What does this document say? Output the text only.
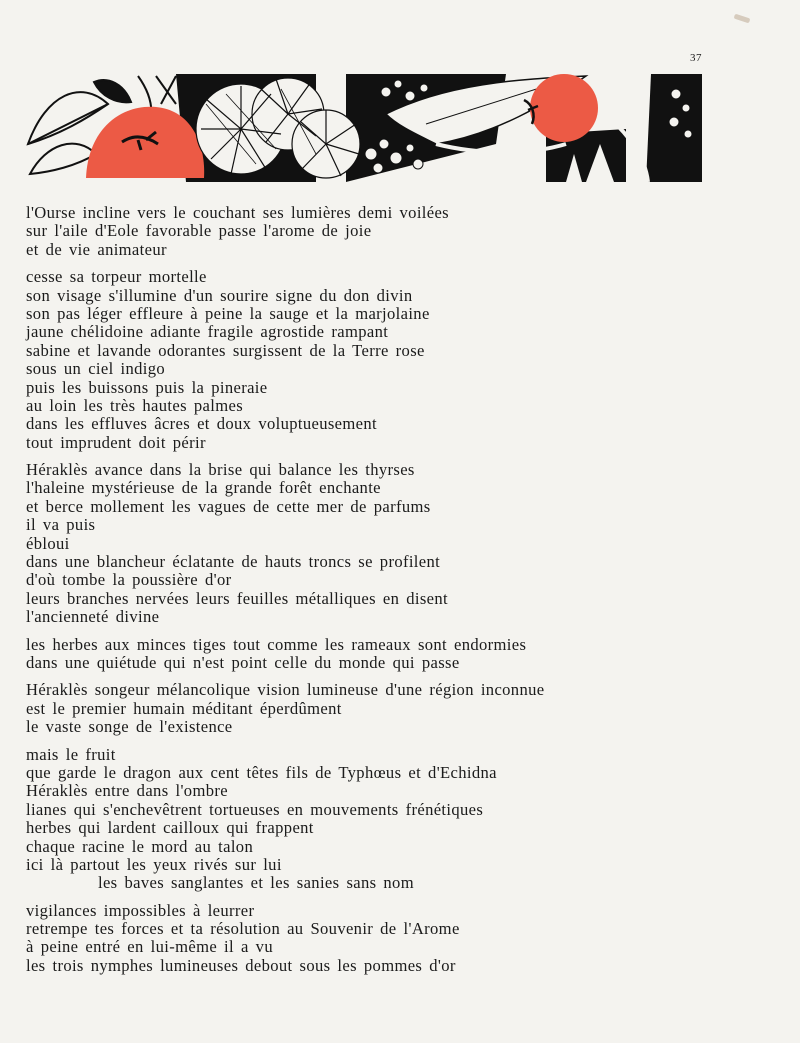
37
l'Ourse incline vers le couchant ses lumières demi voilées
sur l'aile d'Eole favorable passe l'arome de joie
et de vie animateur
cesse sa torpeur mortelle
son visage s'illumine d'un sourire signe du don divin
son pas léger effleure à peine la sauge et la marjolaine
jaune chélidoine adiante fragile agrostide rampant
sabine et lavande odorantes surgissent de la Terre rose
sous un ciel indigo
puis les buissons puis la pineraie
au loin les très hautes palmes
dans les effluves âcres et doux voluptueusement
tout imprudent doit périr
Héraklès avance dans la brise qui balance les thyrses
l'haleine mystérieuse de la grande forêt enchante
et berce mollement les vagues de cette mer de parfums
il va puis
ébloui
dans une blancheur éclatante de hauts troncs se profilent
d'où tombe la poussière d'or
leurs branches nervées leurs feuilles métalliques en disent
l'ancienneté divine
les herbes aux minces tiges tout comme les rameaux sont endormies
dans une quiétude qui n'est point celle du monde qui passe
Héraklès songeur mélancolique vision lumineuse d'une région inconnue
est le premier humain méditant éperdûment
le vaste songe de l'existence
mais le fruit
que garde le dragon aux cent têtes fils de Typhœus et d'Echidna
Héraklès entre dans l'ombre
lianes qui s'enchevêtrent tortueuses en mouvements frénétiques
herbes qui lardent cailloux qui frappent
chaque racine le mord au talon
ici là partout les yeux rivés sur lui
les baves sanglantes et les sanies sans nom
vigilances impossibles à leurrer
retrempe tes forces et ta résolution au Souvenir de l'Arome
à peine entré en lui-même il a vu
les trois nymphes lumineuses debout sous les pommes d'or
